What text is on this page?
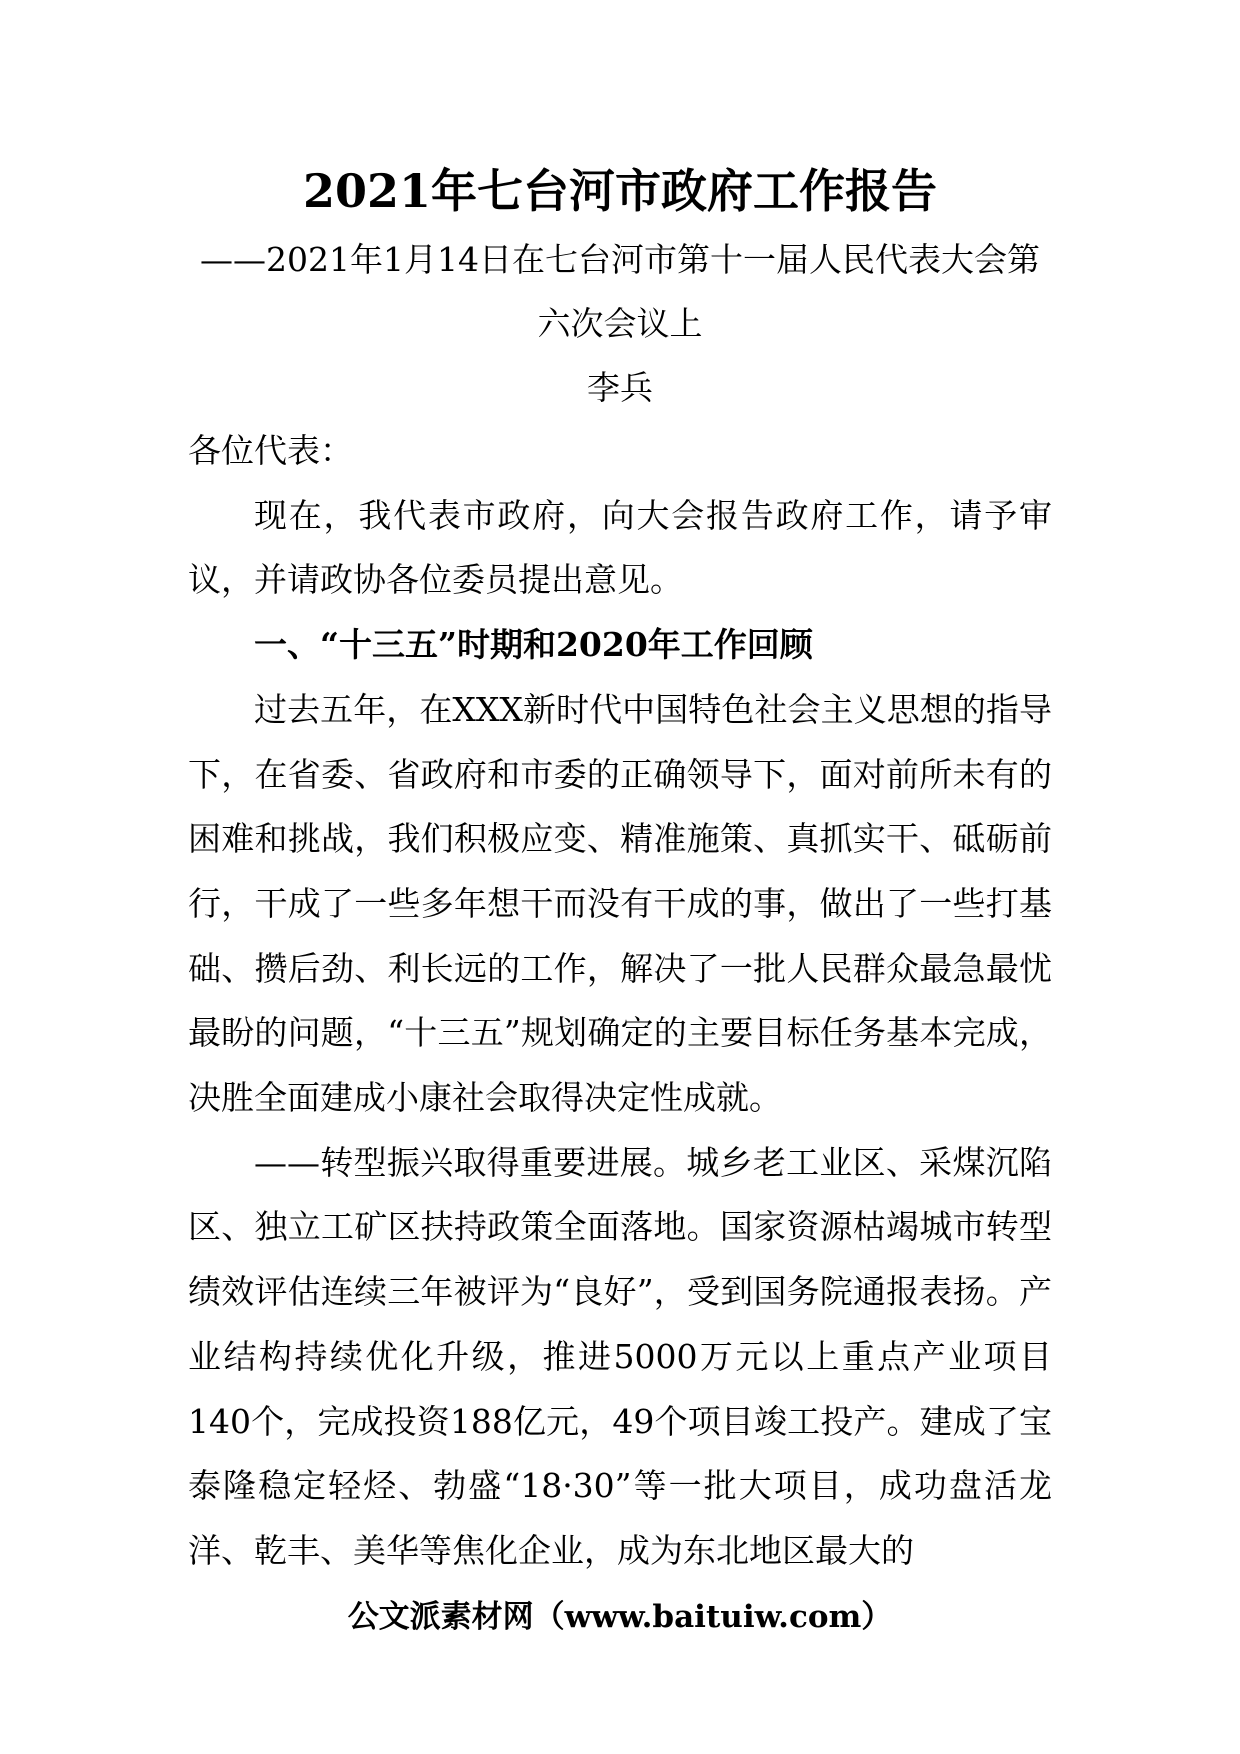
2021年七台河市政府工作报告

——2021年1月14日在七台河市第十一届人民代表大会第六次会议上

李兵

各位代表：

现在，我代表市政府，向大会报告政府工作，请予审议，并请政协各位委员提出意见。

一、“十三五”时期和2020年工作回顾

过去五年，在XXX新时代中国特色社会主义思想的指导下，在省委、省政府和市委的正确领导下，面对前所未有的困难和挑战，我们积极应变、精准施策、真抓实干、砥砺前行，干成了一些多年想干而没有干成的事，做出了一些打基础、攒后劲、利长远的工作，解决了一批人民群众最急最忧最盼的问题，“十三五”规划确定的主要目标任务基本完成，决胜全面建成小康社会取得决定性成就。

——转型振兴取得重要进展。城乡老工业区、采煤沉陷区、独立工矿区扶持政策全面落地。国家资源枯竭城市转型绩效评估连续三年被评为“良好”，受到国务院通报表扬。产业结构持续优化升级，推进5000万元以上重点产业项目140个，完成投资188亿元，49个项目竣工投产。建成了宝泰隆稳定轻烃、勃盛“18·30”等一批大项目，成功盘活龙洋、乾丰、美华等焦化企业，成为东北地区最大的

公文派素材网（www.baituiw.com）
